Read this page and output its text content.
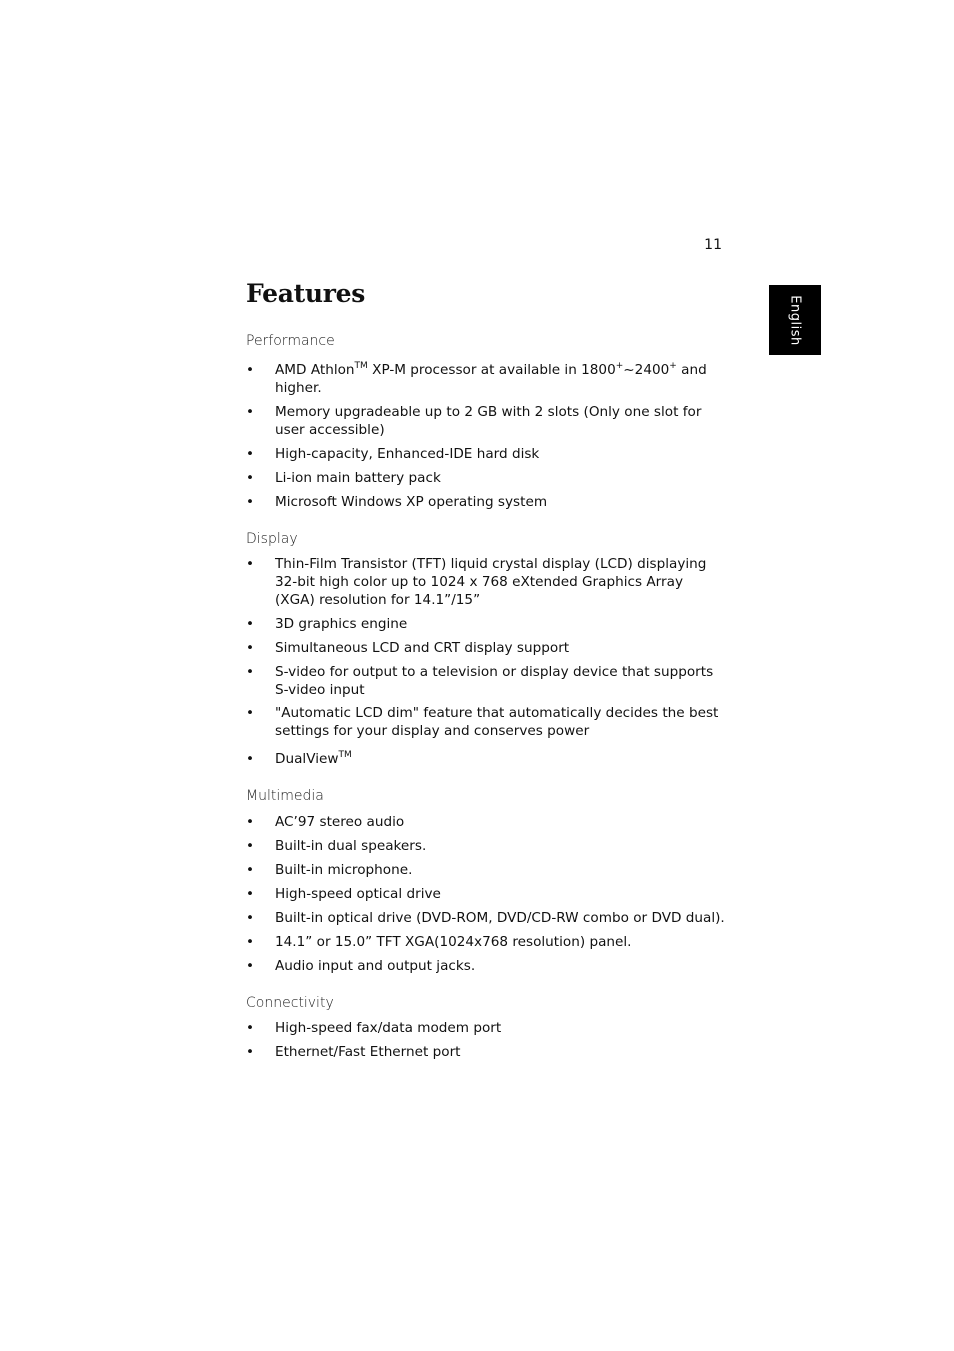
11
English
Features
Performance
• AMD Athlon™ XP-M processor at available in 1800+~2400+ and higher.
• Memory upgradeable up to 2 GB with 2 slots (Only one slot for user accessible)
• High-capacity, Enhanced-IDE hard disk
• Li-ion main battery pack
• Microsoft Windows XP operating system
Display
• Thin-Film Transistor (TFT) liquid crystal display (LCD) displaying 32-bit high color up to 1024 x 768 eXtended Graphics Array (XGA) resolution for 14.1”/15”
• 3D graphics engine
• Simultaneous LCD and CRT display support
• S-video for output to a television or display device that supports S-video input
• "Automatic LCD dim" feature that automatically decides the best settings for your display and conserves power
• DualView™
Multimedia
• AC’97 stereo audio
• Built-in dual speakers.
• Built-in microphone.
• High-speed optical drive
• Built-in optical drive (DVD-ROM, DVD/CD-RW combo or DVD dual).
• 14.1” or 15.0” TFT XGA(1024x768 resolution) panel.
• Audio input and output jacks.
Connectivity
• High-speed fax/data modem port
• Ethernet/Fast Ethernet port
